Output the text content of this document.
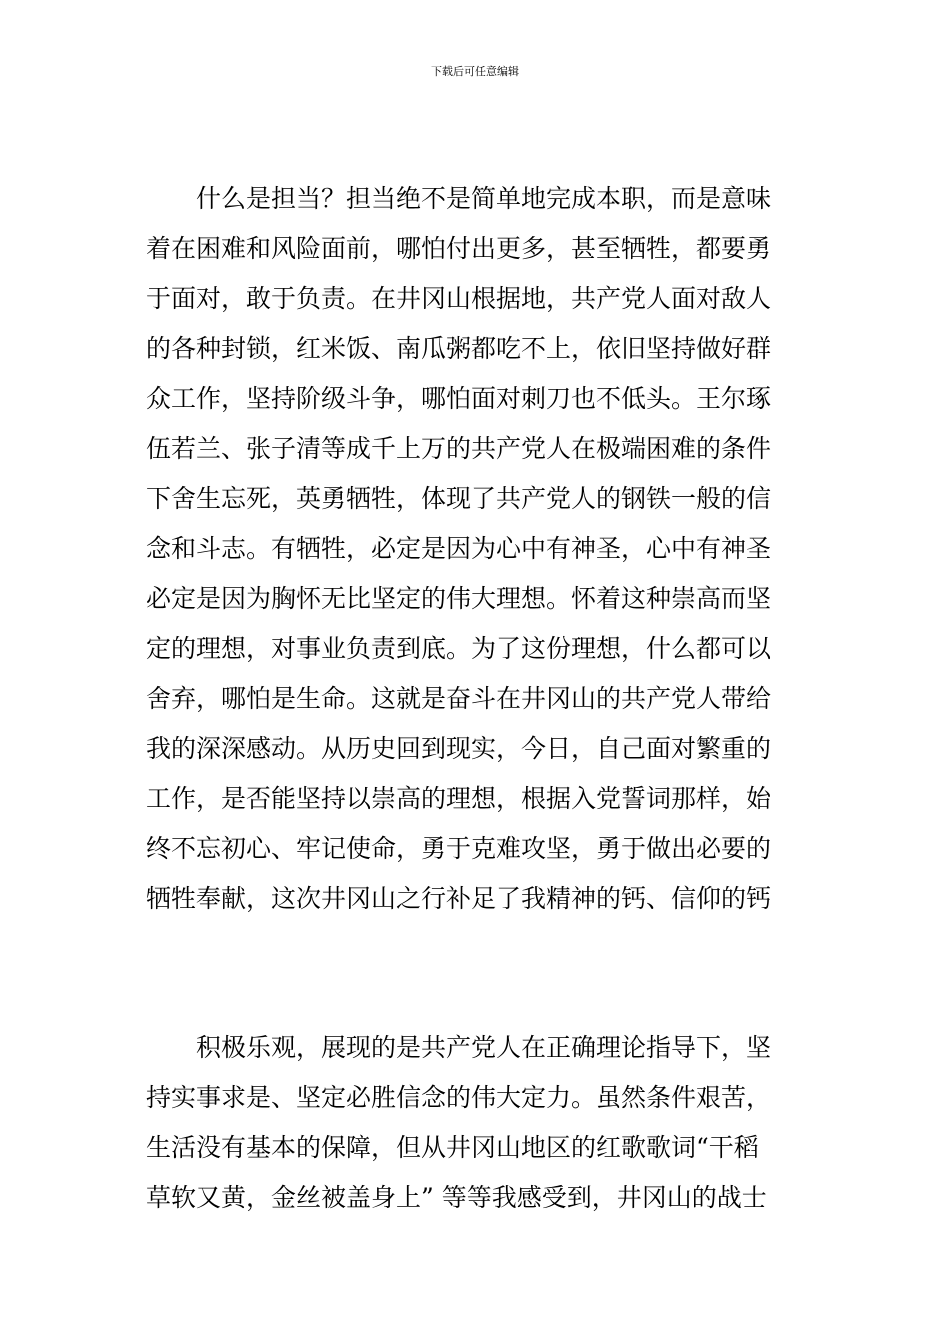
下载后可任意编辑
什么是担当？担当绝不是简单地完成本职，而是意味
着在困难和风险面前，哪怕付出更多，甚至牺牲，都要勇
于面对，敢于负责。在井冈山根据地，共产党人面对敌人
的各种封锁，红米饭、南瓜粥都吃不上，依旧坚持做好群
众工作，坚持阶级斗争，哪怕面对刺刀也不低头。王尔琢
伍若兰、张子清等成千上万的共产党人在极端困难的条件
下舍生忘死，英勇牺牲，体现了共产党人的钢铁一般的信
念和斗志。有牺牲，必定是因为心中有神圣，心中有神圣
必定是因为胸怀无比坚定的伟大理想。怀着这种崇高而坚
定的理想，对事业负责到底。为了这份理想，什么都可以
舍弃，哪怕是生命。这就是奋斗在井冈山的共产党人带给
我的深深感动。从历史回到现实，今日，自己面对繁重的
工作，是否能坚持以崇高的理想，根据入党誓词那样，始
终不忘初心、牢记使命，勇于克难攻坚，勇于做出必要的
牺牲奉献，这次井冈山之行补足了我精神的钙、信仰的钙
积极乐观，展现的是共产党人在正确理论指导下，坚
持实事求是、坚定必胜信念的伟大定力。虽然条件艰苦，
生活没有基本的保障，但从井冈山地区的红歌歌词“干稻
草软又黄，金丝被盖身上” 等等我感受到，井冈山的战士
